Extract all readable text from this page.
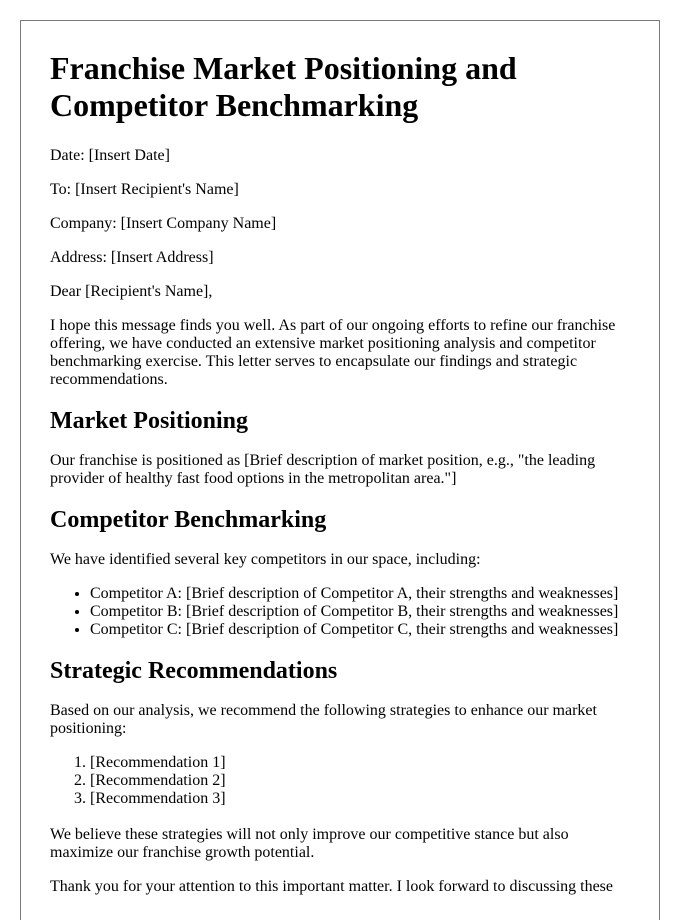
Franchise Market Positioning and Competitor Benchmarking

Date: [Insert Date]

To: [Insert Recipient's Name]

Company: [Insert Company Name]

Address: [Insert Address]

Dear [Recipient's Name],

I hope this message finds you well. As part of our ongoing efforts to refine our franchise offering, we have conducted an extensive market positioning analysis and competitor benchmarking exercise. This letter serves to encapsulate our findings and strategic recommendations.

Market Positioning

Our franchise is positioned as [Brief description of market position, e.g., "the leading provider of healthy fast food options in the metropolitan area."]

Competitor Benchmarking

We have identified several key competitors in our space, including:

• Competitor A: [Brief description of Competitor A, their strengths and weaknesses]
• Competitor B: [Brief description of Competitor B, their strengths and weaknesses]
• Competitor C: [Brief description of Competitor C, their strengths and weaknesses]
Strategic Recommendations

Based on our analysis, we recommend the following strategies to enhance our market positioning:

1. [Recommendation 1]
2. [Recommendation 2]
3. [Recommendation 3]

We believe these strategies will not only improve our competitive stance but also maximize our franchise growth potential.

Thank you for your attention to this important matter. I look forward to discussing these
